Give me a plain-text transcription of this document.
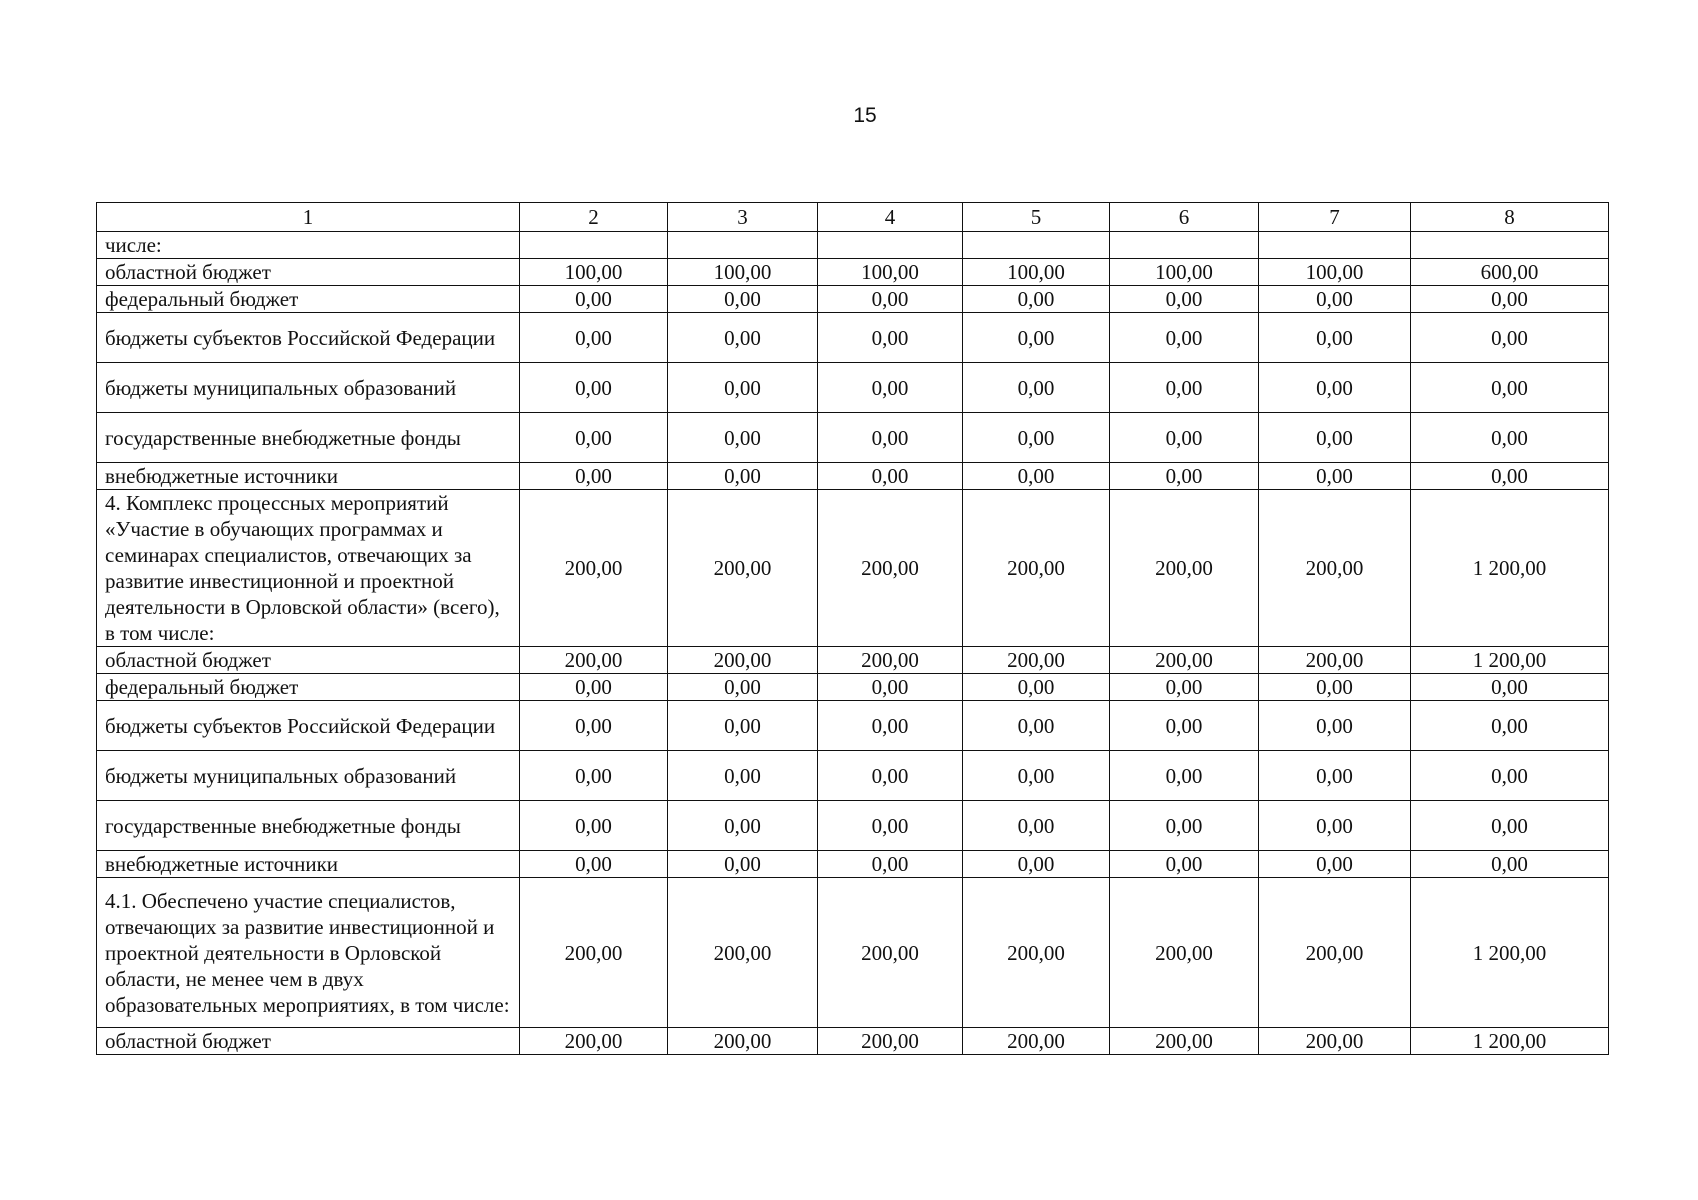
15
1	2	3	4	5	6	7	8
числе:							
областной бюджет	100,00	100,00	100,00	100,00	100,00	100,00	600,00
федеральный бюджет	0,00	0,00	0,00	0,00	0,00	0,00	0,00
бюджеты субъектов Российской Федерации	0,00	0,00	0,00	0,00	0,00	0,00	0,00
бюджеты муниципальных образований	0,00	0,00	0,00	0,00	0,00	0,00	0,00
государственные внебюджетные фонды	0,00	0,00	0,00	0,00	0,00	0,00	0,00
внебюджетные источники	0,00	0,00	0,00	0,00	0,00	0,00	0,00
4. Комплекс процессных мероприятий «Участие в обучающих программах и семинарах специалистов, отвечающих за развитие инвестиционной и проектной деятельности в Орловской области» (всего), в том числе:	200,00	200,00	200,00	200,00	200,00	200,00	1 200,00
областной бюджет	200,00	200,00	200,00	200,00	200,00	200,00	1 200,00
федеральный бюджет	0,00	0,00	0,00	0,00	0,00	0,00	0,00
бюджеты субъектов Российской Федерации	0,00	0,00	0,00	0,00	0,00	0,00	0,00
бюджеты муниципальных образований	0,00	0,00	0,00	0,00	0,00	0,00	0,00
государственные внебюджетные фонды	0,00	0,00	0,00	0,00	0,00	0,00	0,00
внебюджетные источники	0,00	0,00	0,00	0,00	0,00	0,00	0,00
4.1. Обеспечено участие специалистов, отвечающих за развитие инвестиционной и проектной деятельности в Орловской области, не менее чем в двух образовательных мероприятиях, в том числе:	200,00	200,00	200,00	200,00	200,00	200,00	1 200,00
областной бюджет	200,00	200,00	200,00	200,00	200,00	200,00	1 200,00
